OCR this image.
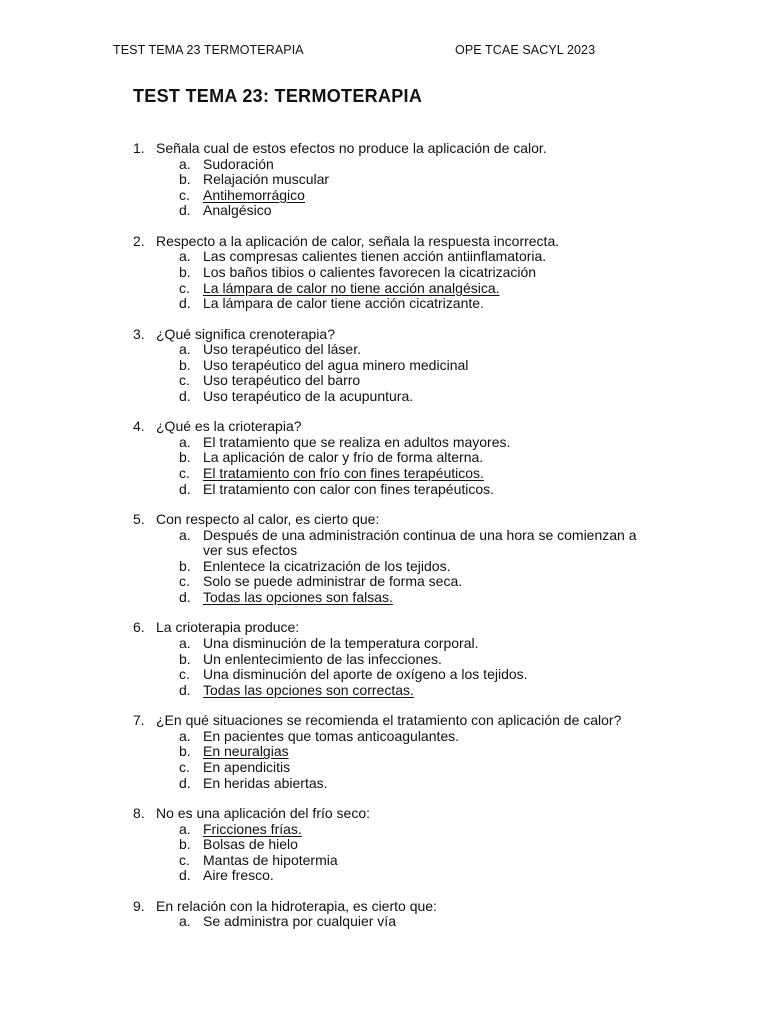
TEST TEMA 23 TERMOTERAPIA	OPE TCAE SACYL 2023
TEST TEMA 23: TERMOTERAPIA
1. Señala cual de estos efectos no produce la aplicación de calor.
a. Sudoración
b. Relajación muscular
c. Antihemorrágico
d. Analgésico
2. Respecto a la aplicación de calor, señala la respuesta incorrecta.
a. Las compresas calientes tienen acción antiinflamatoria.
b. Los baños tibios o calientes favorecen la cicatrización
c. La lámpara de calor no tiene acción analgésica.
d. La lámpara de calor tiene acción cicatrizante.
3. ¿Qué significa crenoterapia?
a. Uso terapéutico del láser.
b. Uso terapéutico del agua minero medicinal
c. Uso terapéutico del barro
d. Uso terapéutico de la acupuntura.
4. ¿Qué es la crioterapia?
a. El tratamiento que se realiza en adultos mayores.
b. La aplicación de calor y frío de forma alterna.
c. El tratamiento con frío con fines terapéuticos.
d. El tratamiento con calor con fines terapéuticos.
5. Con respecto al calor, es cierto que:
a. Después de una administración continua de una hora se comienzan a ver sus efectos
b. Enlentece la cicatrización de los tejidos.
c. Solo se puede administrar de forma seca.
d. Todas las opciones son falsas.
6. La crioterapia produce:
a. Una disminución de la temperatura corporal.
b. Un enlentecimiento de las infecciones.
c. Una disminución del aporte de oxígeno a los tejidos.
d. Todas las opciones son correctas.
7. ¿En qué situaciones se recomienda el tratamiento con aplicación de calor?
a. En pacientes que tomas anticoagulantes.
b. En neuralgias
c. En apendicitis
d. En heridas abiertas.
8. No es una aplicación del frío seco:
a. Fricciones frías.
b. Bolsas de hielo
c. Mantas de hipotermia
d. Aire fresco.
9. En relación con la hidroterapia, es cierto que:
a. Se administra por cualquier vía
